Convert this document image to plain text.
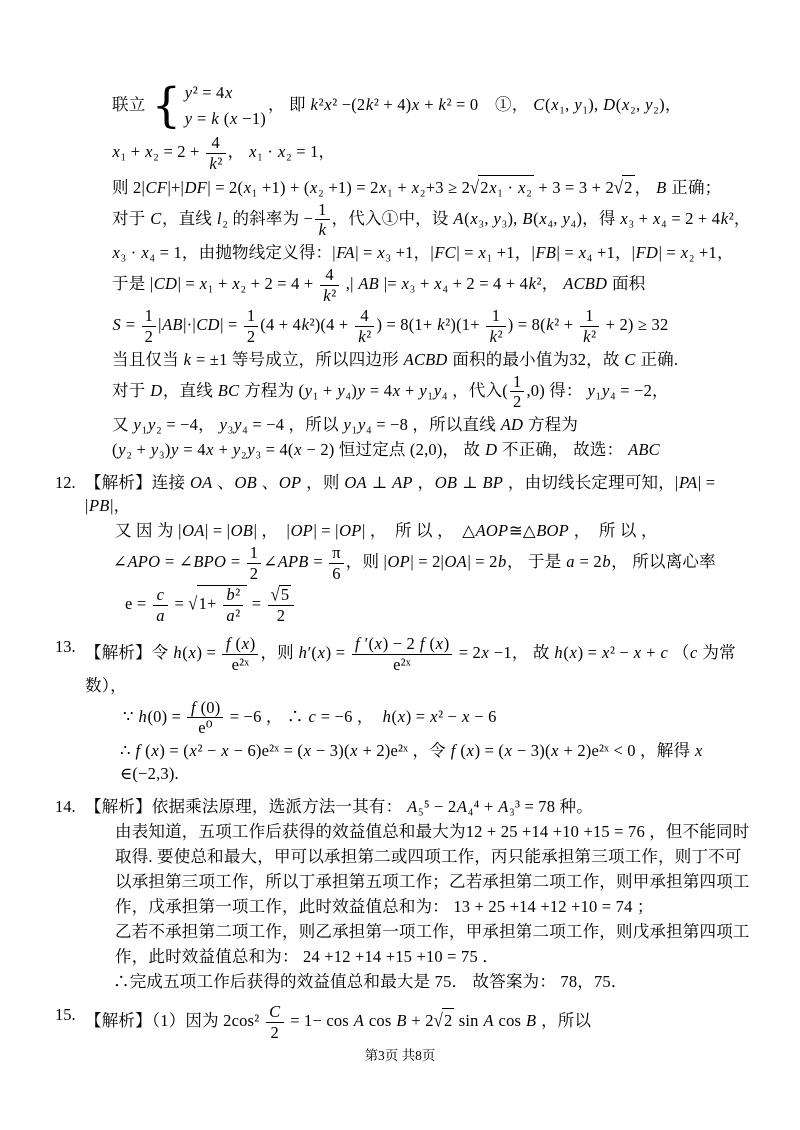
联立 { y² = 4x
y = k (x −1)
， 即 k²x² −(2k² + 4)x + k² = 0　①， C(x₁, y₁), D(x₂, y₂)，
$x_1 + x_2 = 2 + \frac{4}{\text{k²}}$ ， x₁ · x₂ = 1，
则 2|CF|+|DF| = 2(x₁ +1) + (x₂ +1) = 2x₁ + x₂+3 ≥ 2√2x₁ · x₂ + 3 = 3 + 2√2 ， B 正确；
对于 C，直线 l₂ 的斜率为 − $\frac{1}{k}$ ，代入①中，设 A(x₃, y₃), B(x₄, y₄)，得 x₃ + x₄ = 2 + 4k²，
x₃ · x₄ = 1，由抛物线定义得：|FA| = x₃ +1，|FC| = x₁ +1，|FB| = x₄ +1，|FD| = x₂ +1，
于是 $|CD| = x_1 + x_2 + 2 = 4 + \frac{4}{\text{k²}}$ ,| AB |= x₃ + x₄ + 2 = 4 + 4k²， ACBD 面积
$S = \frac{1}{2} |AB|\cdot|CD| = \frac{1}{2} (4 + 4k^2)(4 + \frac{4}{\text{k²}}$ ) = $8(1+ k^2)(1+ \frac{1}{\text{k²}}$ ) = $8(k^2 + \frac{1}{\text{k²}} + 2) \ge 32$
当且仅当 k = ±1 等号成立，所以四边形 ACBD 面积的最小值为32，故 C 正确.
对于 D，直线 BC 方程为 (y₁ + y₄)y = 4x + y₁y₄ ，代入( $\frac{1}{2} ,0$) 得： y₁y₄ = −2，
又 y₁y₂ = −4， y₃y₄ = −4 ，所以 y₁y₄ = −8 ，所以直线 AD 方程为
(y₂ + y₃)y = 4x + y₂y₃ = 4(x − 2) 恒过定点 (2,0)， 故 D 不正确， 故选： ABC
12. 【解析】连接 OA 、OB 、OP ，则 OA ⊥ AP ，OB ⊥ BP ，由切线长定理可知，|PA| = |PB|，
又 因 为 |OA| = |OB| ，　|OP| = |OP| ，　所 以 ，　△AOP≅△BOP ，　所 以 ，
∠APO = ∠BPO = $\frac{1}{2}$ ∠APB = $\frac{\pi}{6}$ ，则 |OP| = 2|OA| = 2b， 于是 a = 2b， 所以离心率
$e = \frac{c}{a} = √1+ \frac{\text{b²}}{\text{a²}} = \frac{√5}{2}$
13. 【解析】令 $h(x) = \frac{f (x)}{\text{e²ˣ}}$ ，则 $h'(x) = \frac{f '(x) - 2 f (x)}{\text{e²ˣ}} = 2x -1$， 故 h(x) = x² − x + c （c 为常数），
∵ $h(0) = \frac{f (0)}{\text{e⁰}} = -6$ ， ∴ c = −6 ，　h(x) = x² − x − 6
∴ f (x) = (x² − x − 6)e²ˣ = (x − 3)(x + 2)e²ˣ ，令 f (x) = (x − 3)(x + 2)e²ˣ < 0 ，解得 x ∈(−2,3).
14. 【解析】依据乘法原理，选派方法一其有： A₅⁵ − 2A₄⁴ + A₃³ = 78 种。
由表知道，五项工作后获得的效益值总和最大为12 + 25 +14 +10 +15 = 76 ，但不能同时
取得. 要使总和最大，甲可以承担第二或四项工作，丙只能承担第三项工作，则丁不可
以承担第三项工作，所以丁承担第五项工作；乙若承担第二项工作，则甲承担第四项工
作，戊承担第一项工作，此时效益值总和为： 13 + 25 +14 +12 +10 = 74 ；
乙若不承担第二项工作，则乙承担第一项工作，甲承担第二项工作，则戊承担第四项工
作，此时效益值总和为： 24 +12 +14 +15 +10 = 75 ．
∴完成五项工作后获得的效益值总和最大是 75． 故答案为： 78，75．
15. 【解析】（1）因为 $2\cos^2 \frac{C}{2} = 1- \cos A$ cos B + 2√2 sin A cos B ，所以
第3页 共8页
